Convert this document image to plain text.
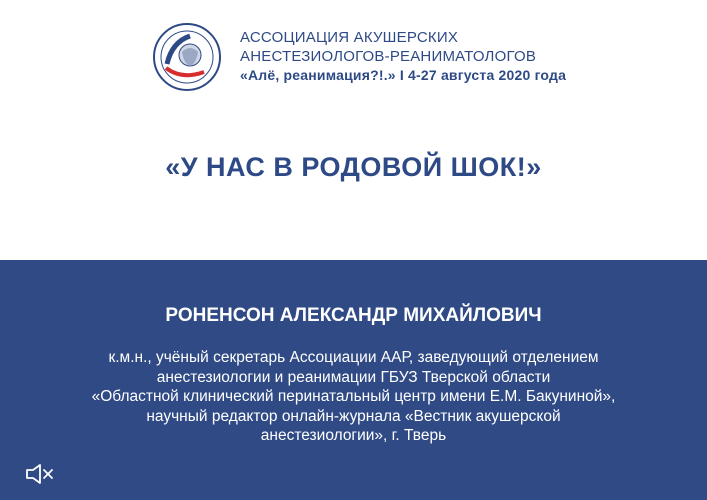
АССОЦИАЦИЯ АКУШЕРСКИХ
АНЕСТЕЗИОЛОГОВ-РЕАНИМАТОЛОГОВ
«Алё, реанимация?!.» I 4-27 августа 2020 года
«У НАС В РОДОВОЙ ШОК!»
РОНЕНСОН АЛЕКСАНДР МИХАЙЛОВИЧ
к.м.н., учёный секретарь Ассоциации ААР, заведующий отделением
анестезиологии и реанимации ГБУЗ Тверской области
«Областной клинический перинатальный центр имени Е.М. Бакуниной»,
научный редактор онлайн-журнала «Вестник акушерской
анестезиологии», г. Тверь
